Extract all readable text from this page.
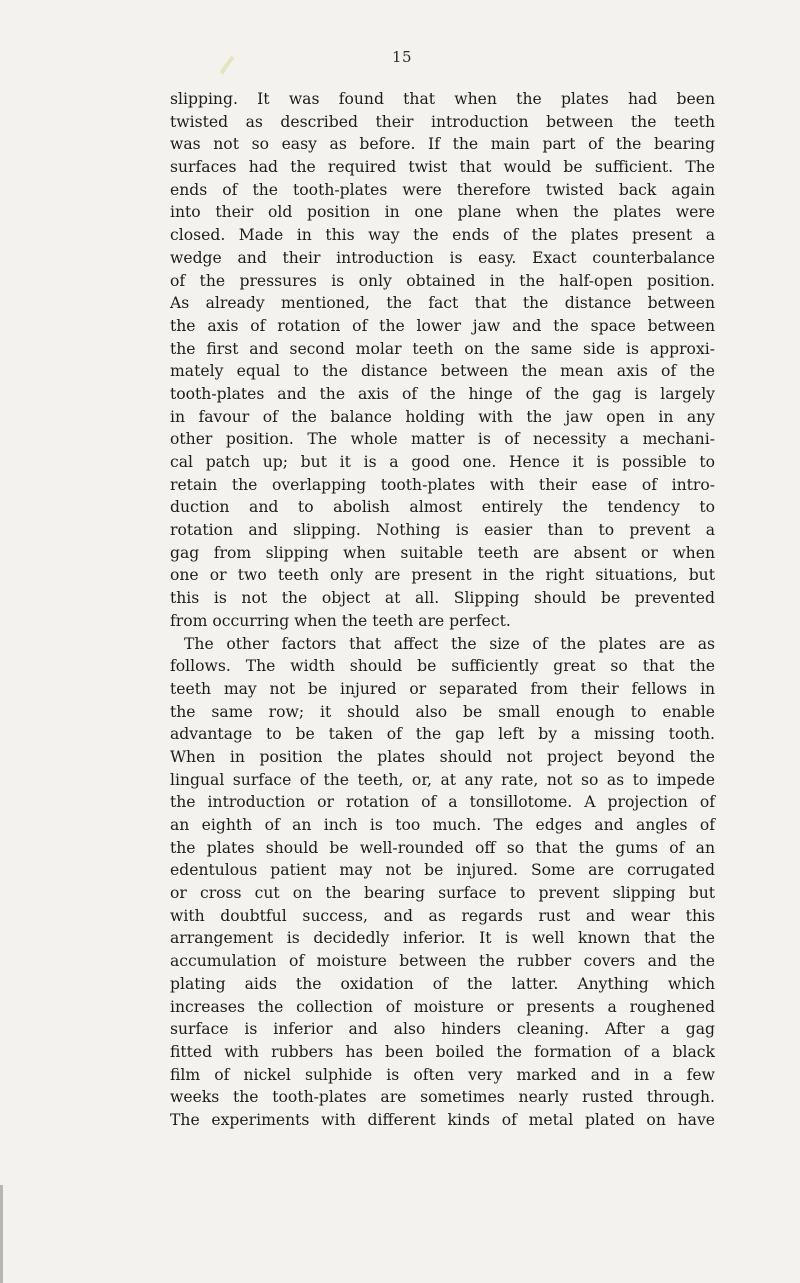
15
slipping. It was found that when the plates had been
twisted as described their introduction between the teeth
was not so easy as before. If the main part of the bearing
surfaces had the required twist that would be sufficient. The
ends of the tooth-plates were therefore twisted back again
into their old position in one plane when the plates were
closed. Made in this way the ends of the plates present a
wedge and their introduction is easy. Exact counterbalance
of the pressures is only obtained in the half-open position.
As already mentioned, the fact that the distance between
the axis of rotation of the lower jaw and the space between
the first and second molar teeth on the same side is approxi-
mately equal to the distance between the mean axis of the
tooth-plates and the axis of the hinge of the gag is largely
in favour of the balance holding with the jaw open in any
other position. The whole matter is of necessity a mechani-
cal patch up; but it is a good one. Hence it is possible to
retain the overlapping tooth-plates with their ease of intro-
duction and to abolish almost entirely the tendency to
rotation and slipping. Nothing is easier than to prevent a
gag from slipping when suitable teeth are absent or when
one or two teeth only are present in the right situations, but
this is not the object at all. Slipping should be prevented
from occurring when the teeth are perfect.
The other factors that affect the size of the plates are as
follows. The width should be sufficiently great so that the
teeth may not be injured or separated from their fellows in
the same row; it should also be small enough to enable
advantage to be taken of the gap left by a missing tooth.
When in position the plates should not project beyond the
lingual surface of the teeth, or, at any rate, not so as to impede
the introduction or rotation of a tonsillotome. A projection of
an eighth of an inch is too much. The edges and angles of
the plates should be well-rounded off so that the gums of an
edentulous patient may not be injured. Some are corrugated
or cross cut on the bearing surface to prevent slipping but
with doubtful success, and as regards rust and wear this
arrangement is decidedly inferior. It is well known that the
accumulation of moisture between the rubber covers and the
plating aids the oxidation of the latter. Anything which
increases the collection of moisture or presents a roughened
surface is inferior and also hinders cleaning. After a gag
fitted with rubbers has been boiled the formation of a black
film of nickel sulphide is often very marked and in a few
weeks the tooth-plates are sometimes nearly rusted through.
The experiments with different kinds of metal plated on have
